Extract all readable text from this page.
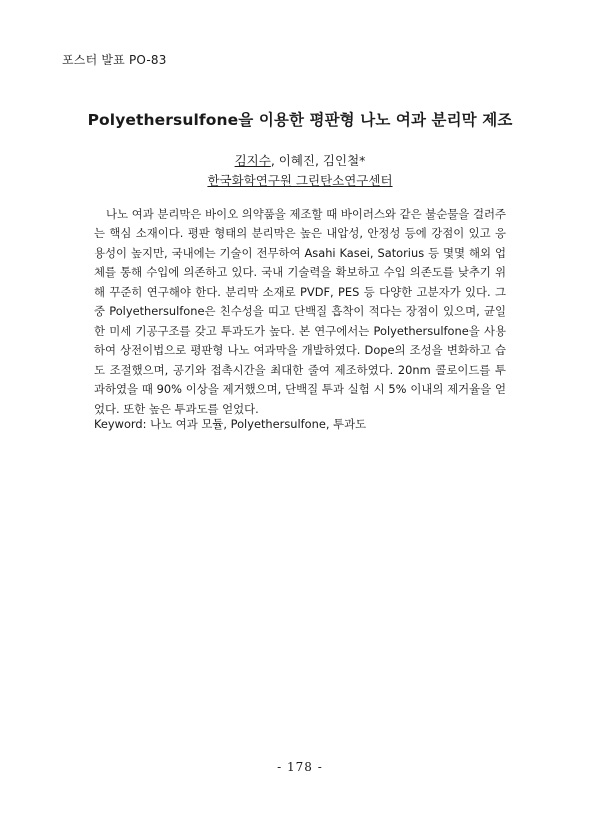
포스터 발표 PO-83
Polyethersulfone을 이용한 평판형 나노 여과 분리막 제조
김지수, 이혜진, 김인철*
한국화학연구원 그린탄소연구센터

나노 여과 분리막은 바이오 의약품을 제조할 때 바이러스와 같은 불순물을 걸러주는 핵심 소재이다. 평판 형태의 분리막은 높은 내압성, 안정성 등에 강점이 있고 응용성이 높지만, 국내에는 기술이 전무하여 Asahi Kasei, Satorius 등 몇몇 해외 업체를 통해 수입에 의존하고 있다. 국내 기술력을 확보하고 수입 의존도를 낮추기 위해 꾸준히 연구해야 한다. 분리막 소재로 PVDF, PES 등 다양한 고분자가 있다. 그중 Polyethersulfone은 친수성을 띠고 단백질 흡착이 적다는 장점이 있으며, 균일한 미세 기공구조를 갖고 투과도가 높다. 본 연구에서는 Polyethersulfone을 사용하여 상전이법으로 평판형 나노 여과막을 개발하였다. Dope의 조성을 변화하고 습도 조절했으며, 공기와 접촉시간을 최대한 줄여 제조하였다. 20nm 콜로이드를 투과하였을 때 90% 이상을 제거했으며, 단백질 투과 실험 시 5% 이내의 제거율을 얻었다. 또한 높은 투과도를 얻었다.

Keyword: 나노 여과 모듈, Polyethersulfone, 투과도
- 178 -
